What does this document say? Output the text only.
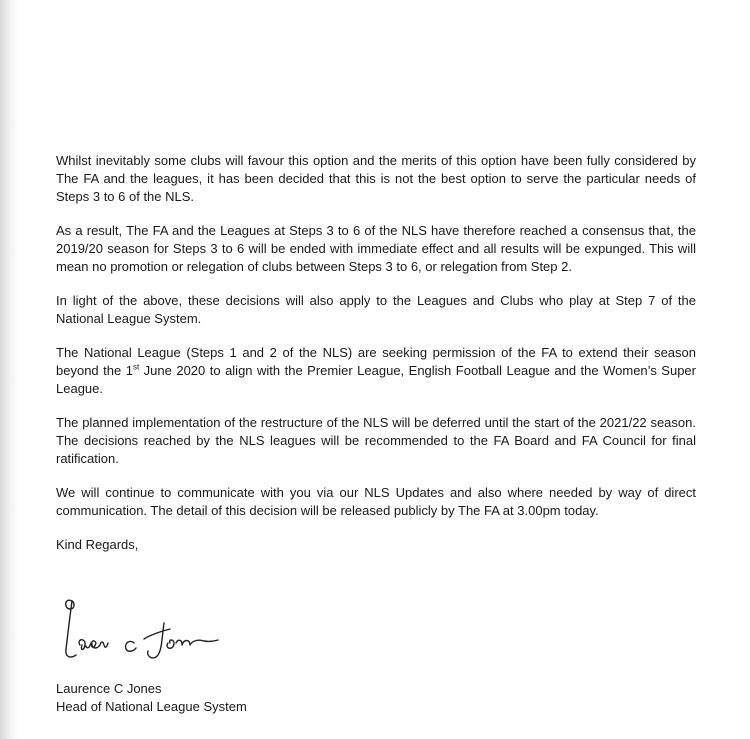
Whilst inevitably some clubs will favour this option and the merits of this option have been fully considered by The FA and the leagues, it has been decided that this is not the best option to serve the particular needs of Steps 3 to 6 of the NLS.

As a result, The FA and the Leagues at Steps 3 to 6 of the NLS have therefore reached a consensus that, the 2019/20 season for Steps 3 to 6 will be ended with immediate effect and all results will be expunged. This will mean no promotion or relegation of clubs between Steps 3 to 6, or relegation from Step 2.

In light of the above, these decisions will also apply to the Leagues and Clubs who play at Step 7 of the National League System.

The National League (Steps 1 and 2 of the NLS) are seeking permission of the FA to extend their season beyond the 1st June 2020 to align with the Premier League, English Football League and the Women’s Super League.

The planned implementation of the restructure of the NLS will be deferred until the start of the 2021/22 season. The decisions reached by the NLS leagues will be recommended to the FA Board and FA Council for final ratification.

We will continue to communicate with you via our NLS Updates and also where needed by way of direct communication. The detail of this decision will be released publicly by The FA at 3.00pm today.

Kind Regards,

Laurence C Jones
Head of National League System
